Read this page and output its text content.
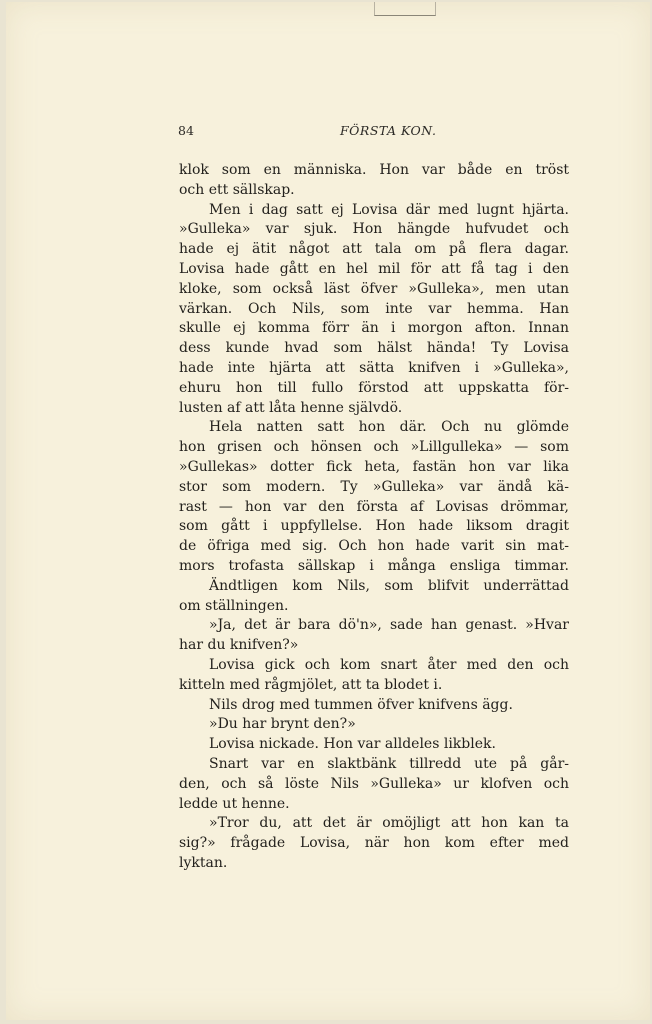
84	FÖRSTA KON.
klok som en människa. Hon var både en tröst
och ett sällskap.
Men i dag satt ej Lovisa där med lugnt hjärta.
»Gulleka» var sjuk. Hon hängde hufvudet och
hade ej ätit något att tala om på flera dagar.
Lovisa hade gått en hel mil för att få tag i den
kloke, som också läst öfver »Gulleka», men utan
värkan. Och Nils, som inte var hemma. Han
skulle ej komma förr än i morgon afton. Innan
dess kunde hvad som hälst hända! Ty Lovisa
hade inte hjärta att sätta knifven i »Gulleka»,
ehuru hon till fullo förstod att uppskatta för-
lusten af att låta henne självdö.
Hela natten satt hon där. Och nu glömde
hon grisen och hönsen och »Lillgulleka» — som
»Gullekas» dotter fick heta, fastän hon var lika
stor som modern. Ty »Gulleka» var ändå kä-
rast — hon var den första af Lovisas drömmar,
som gått i uppfyllelse. Hon hade liksom dragit
de öfriga med sig. Och hon hade varit sin mat-
mors trofasta sällskap i många ensliga timmar.
Ändtligen kom Nils, som blifvit underrättad
om ställningen.
»Ja, det är bara dö'n», sade han genast. »Hvar
har du knifven?»
Lovisa gick och kom snart åter med den och
kitteln med rågmjölet, att ta blodet i.
Nils drog med tummen öfver knifvens ägg.
»Du har brynt den?»
Lovisa nickade. Hon var alldeles likblek.
Snart var en slaktbänk tillredd ute på går-
den, och så löste Nils »Gulleka» ur klofven och
ledde ut henne.
»Tror du, att det är omöjligt att hon kan ta
sig?» frågade Lovisa, när hon kom efter med
lyktan.
